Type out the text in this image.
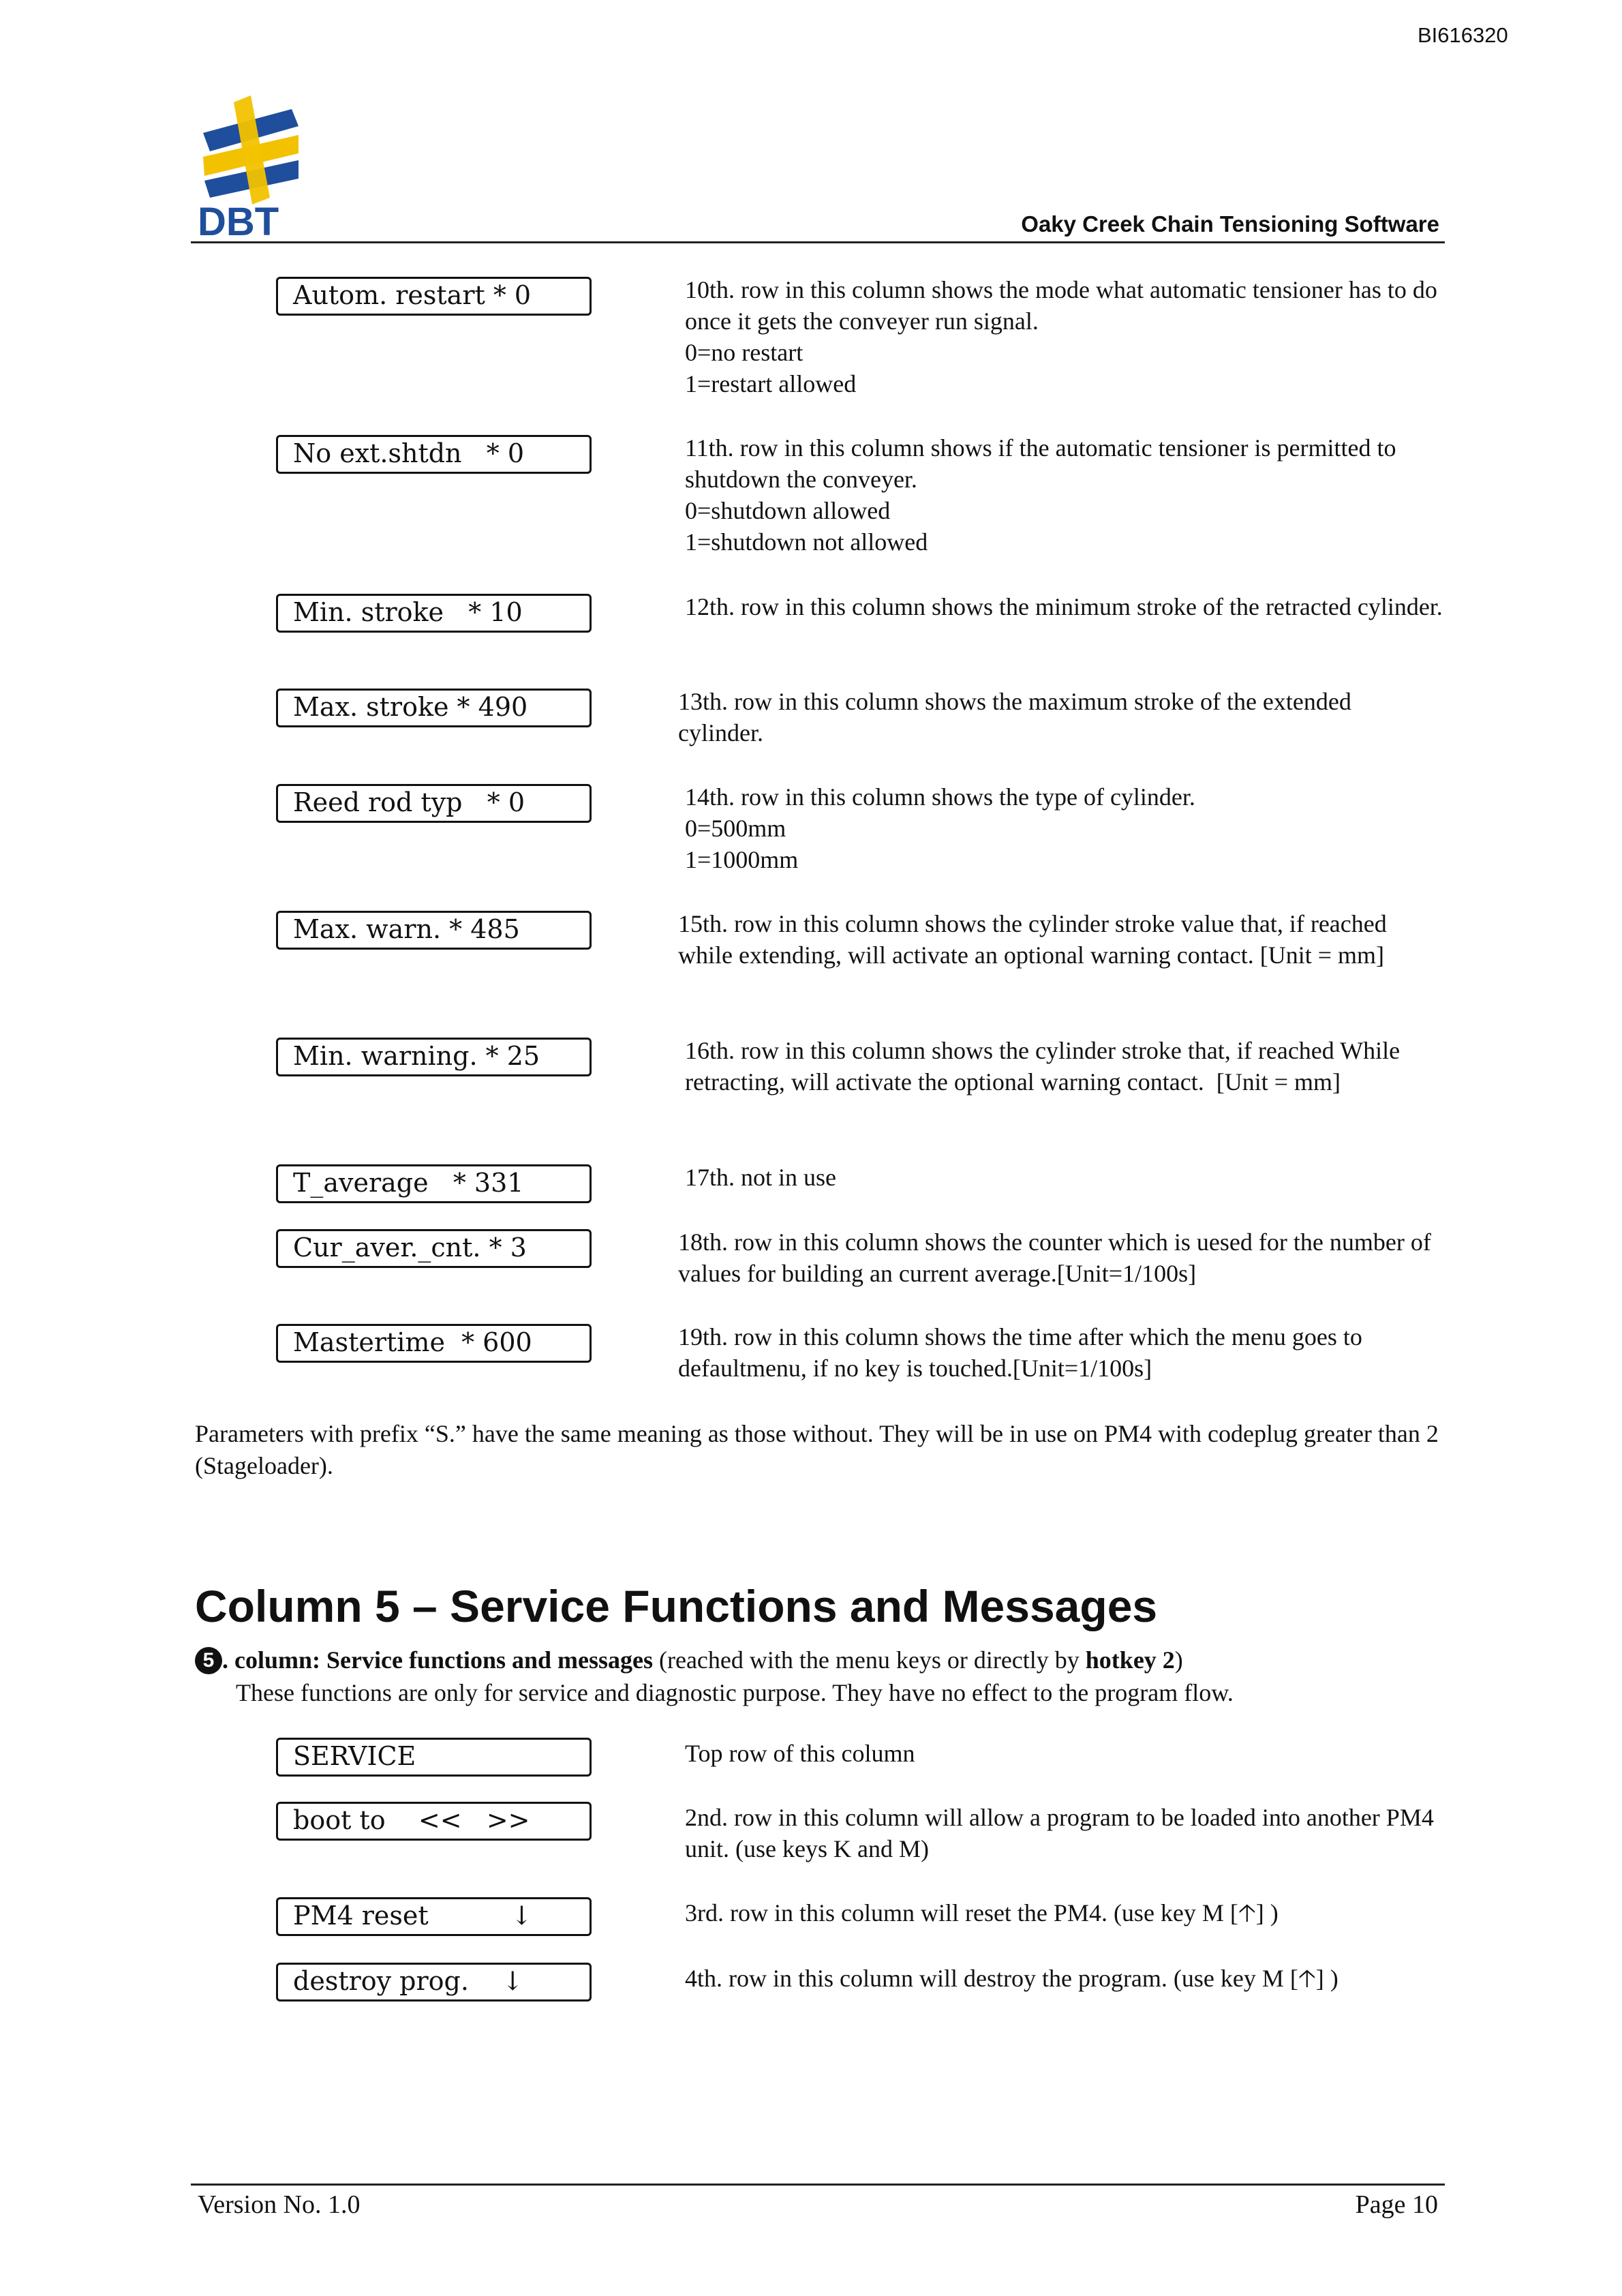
BI616320
DBT	Oaky Creek Chain Tensioning Software
Autom. restart * 0	10th. row in this column shows the mode what automatic tensioner has to do once it gets the conveyer run signal.
0=no restart
1=restart allowed
No ext.shtdn   * 0	11th. row in this column shows if the automatic tensioner is permitted to shutdown the conveyer.
0=shutdown allowed
1=shutdown not allowed
Min. stroke   * 10	12th. row in this column shows the minimum stroke of the retracted cylinder.
Max. stroke * 490	13th. row in this column shows the maximum stroke of the extended cylinder.
Reed rod typ   * 0	14th. row in this column shows the type of cylinder.
0=500mm
1=1000mm
Max. warn. * 485	15th. row in this column shows the cylinder stroke value that, if reached while extending, will activate an optional warning contact. [Unit = mm]
Min. warning. * 25	16th. row in this column shows the cylinder stroke that, if reached While retracting, will activate the optional warning contact.  [Unit = mm]
T_average   * 331	17th. not in use
Cur_aver._cnt. * 3	18th. row in this column shows the counter which is uesed for the number of values for building an current average.[Unit=1/100s]
Mastertime  * 600	19th. row in this column shows the time after which the menu goes to defaultmenu, if no key is touched.[Unit=1/100s]
Parameters with prefix “S.” have the same meaning as those without. They will be in use on PM4 with codeplug greater than 2 (Stageloader).
Column 5 – Service Functions and Messages
5 . column: Service functions and messages (reached with the menu keys or directly by hotkey 2)
These functions are only for service and diagnostic purpose. They have no effect to the program flow.
SERVICE	Top row of this column
boot to    <<   >>	2nd. row in this column will allow a program to be loaded into another PM4 unit. (use keys K and M)
PM4 reset          ↓	3rd. row in this column will reset the PM4. (use key M [🡡] )
destroy prog.    ↓	4th. row in this column will destroy the program. (use key M [🡡] )
Version No. 1.0	Page 10
